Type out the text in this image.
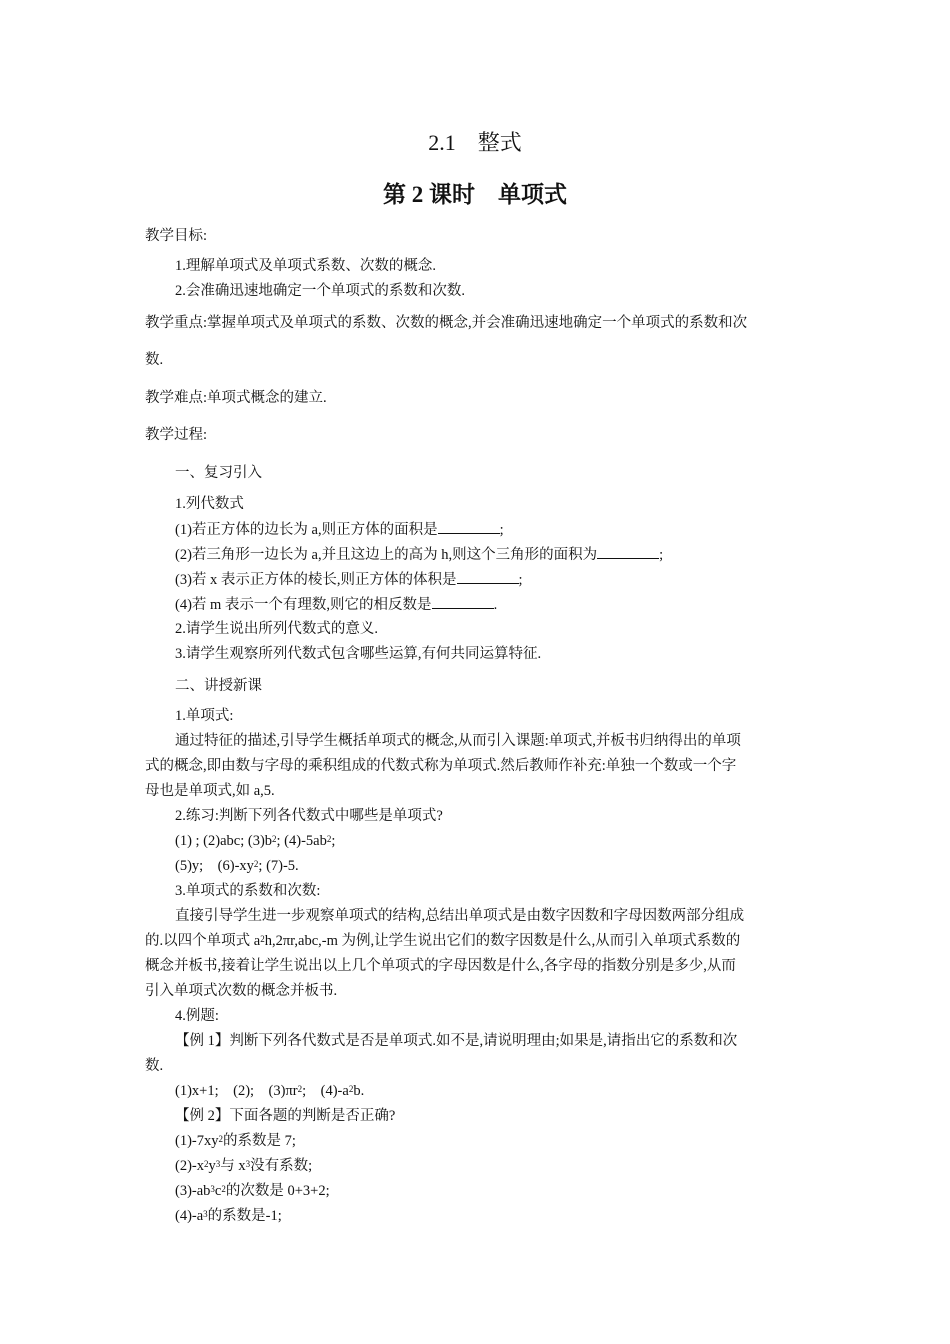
2.1　整式
第 2 课时　单项式
教学目标:
1.理解单项式及单项式系数、次数的概念.
2.会准确迅速地确定一个单项式的系数和次数.
教学重点:掌握单项式及单项式的系数、次数的概念,并会准确迅速地确定一个单项式的系数和次
数.
教学难点:单项式概念的建立.
教学过程:
一、复习引入
1.列代数式
(1)若正方体的边长为 a,则正方体的面积是	;
(2)若三角形一边长为 a,并且这边上的高为 h,则这个三角形的面积为	;
(3)若 x 表示正方体的棱长,则正方体的体积是	;
(4)若 m 表示一个有理数,则它的相反数是	.
2.请学生说出所列代数式的意义.
3.请学生观察所列代数式包含哪些运算,有何共同运算特征.
二、讲授新课
1.单项式:
通过特征的描述,引导学生概括单项式的概念,从而引入课题:单项式,并板书归纳得出的单项
式的概念,即由数与字母的乘积组成的代数式称为单项式.然后教师作补充:单独一个数或一个字
母也是单项式,如 a,5.
2.练习:判断下列各代数式中哪些是单项式?
(1) ; (2)abc; $(3)b^2$; $(4)-5ab^2$;
(5)y;　$(6)-xy^2$; (7)-5.
3.单项式的系数和次数:
直接引导学生进一步观察单项式的结构,总结出单项式是由数字因数和字母因数两部分组成
的.以四个单项式 $a^2h,2\pi r,abc,-m$ 为例,让学生说出它们的数字因数是什么,从而引入单项式系数的
概念并板书,接着让学生说出以上几个单项式的字母因数是什么,各字母的指数分别是多少,从而
引入单项式次数的概念并板书.
4.例题:
【例 1】判断下列各代数式是否是单项式.如不是,请说明理由;如果是,请指出它的系数和次
数.
(1)x+1;　(2);　$(3)\pi r^2$;　$(4)-a^2b$.
【例 2】下面各题的判断是否正确?
$(1)-7xy^2$的系数是 7;
$(2)-x^2y^3$与 $x^3$没有系数;
$(3)-ab^3c^2$的次数是 0+3+2;
$(4)-a^3$的系数是-1;
